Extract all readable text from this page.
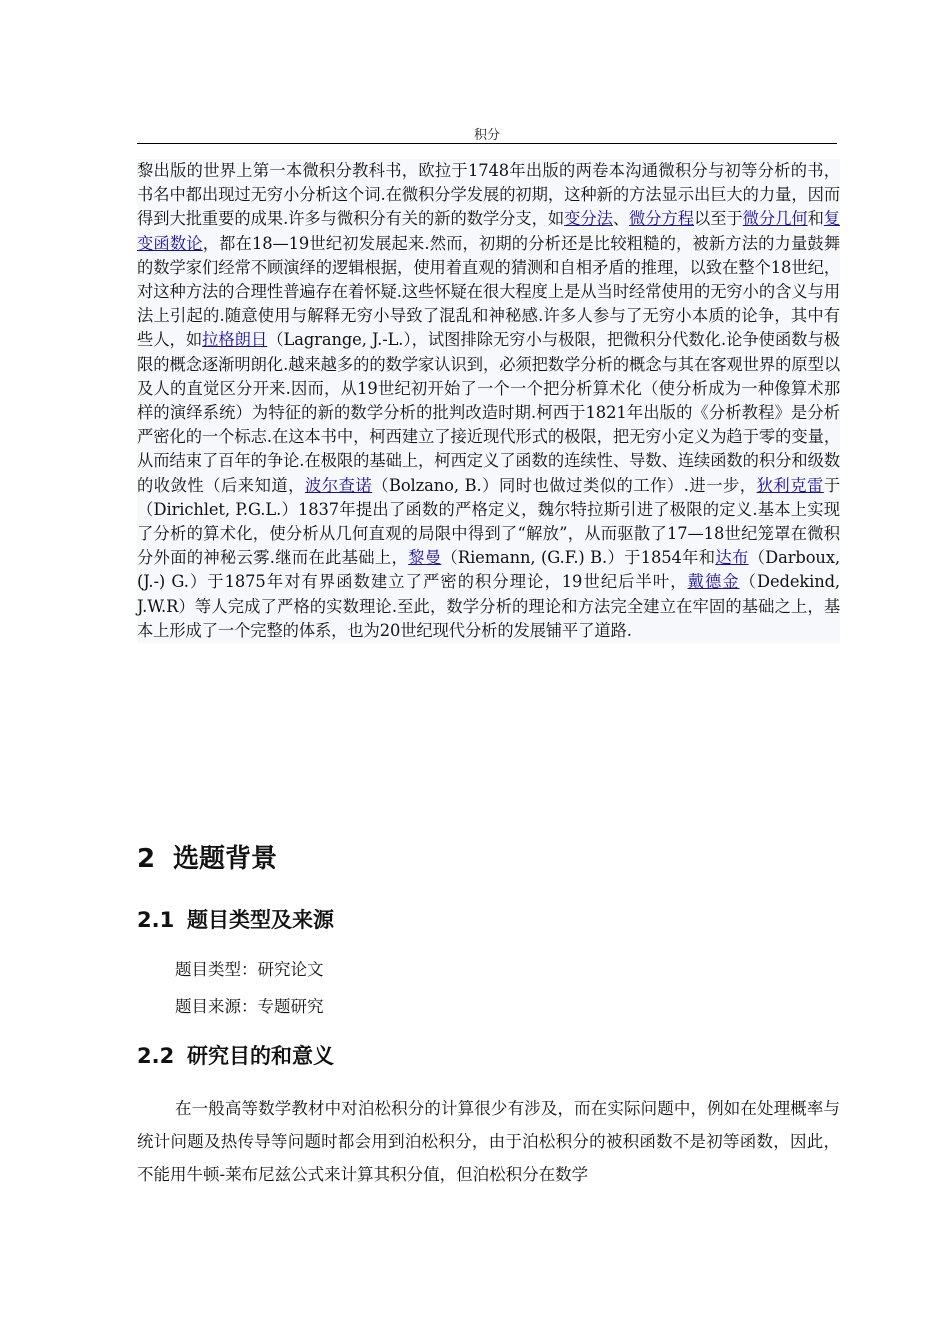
积分

黎出版的世界上第一本微积分教科书，欧拉于1748年出版的两卷本沟通微积分与初等分析的书，书名中都出现过无穷小分析这个词.在微积分学发展的初期，这种新的方法显示出巨大的力量，因而得到大批重要的成果.许多与微积分有关的新的数学分支，如变分法、微分方程以至于微分几何和复变函数论，都在18—19世纪初发展起来.然而，初期的分析还是比较粗糙的，被新方法的力量鼓舞的数学家们经常不顾演绎的逻辑根据，使用着直观的猜测和自相矛盾的推理，以致在整个18世纪，对这种方法的合理性普遍存在着怀疑.这些怀疑在很大程度上是从当时经常使用的无穷小的含义与用法上引起的.随意使用与解释无穷小导致了混乱和神秘感.许多人参与了无穷小本质的论争，其中有些人，如拉格朗日（Lagrange, J.-L.），试图排除无穷小与极限，把微积分代数化.论争使函数与极限的概念逐渐明朗化.越来越多的的数学家认识到，必须把数学分析的概念与其在客观世界的原型以及人的直觉区分开来.因而，从19世纪初开始了一个一个把分析算术化（使分析成为一种像算术那样的演绎系统）为特征的新的数学分析的批判改造时期.柯西于1821年出版的《分析教程》是分析严密化的一个标志.在这本书中，柯西建立了接近现代形式的极限，把无穷小定义为趋于零的变量，从而结束了百年的争论.在极限的基础上，柯西定义了函数的连续性、导数、连续函数的积分和级数的收敛性（后来知道，波尔查诺（Bolzano, B.）同时也做过类似的工作）.进一步，狄利克雷于（Dirichlet, P.G.L.）1837年提出了函数的严格定义，魏尔特拉斯引进了极限的定义.基本上实现了分析的算术化，使分析从几何直观的局限中得到了“解放”，从而驱散了17—18世纪笼罩在微积分外面的神秘云雾.继而在此基础上，黎曼（Riemann, (G.F.) B.）于1854年和达布（Darboux, (J.-) G.）于1875年对有界函数建立了严密的积分理论，19世纪后半叶，戴德金（Dedekind, J.W.R）等人完成了严格的实数理论.至此，数学分析的理论和方法完全建立在牢固的基础之上，基本上形成了一个完整的体系，也为20世纪现代分析的发展铺平了道路.

2 选题背景
2.1 题目类型及来源
题目类型：研究论文
题目来源：专题研究
2.2 研究目的和意义

在一般高等数学教材中对泊松积分的计算很少有涉及，而在实际问题中，例如在处理概率与统计问题及热传导等问题时都会用到泊松积分，由于泊松积分的被积函数不是初等函数，因此，不能用牛顿-莱布尼兹公式来计算其积分值，但泊松积分在数学
